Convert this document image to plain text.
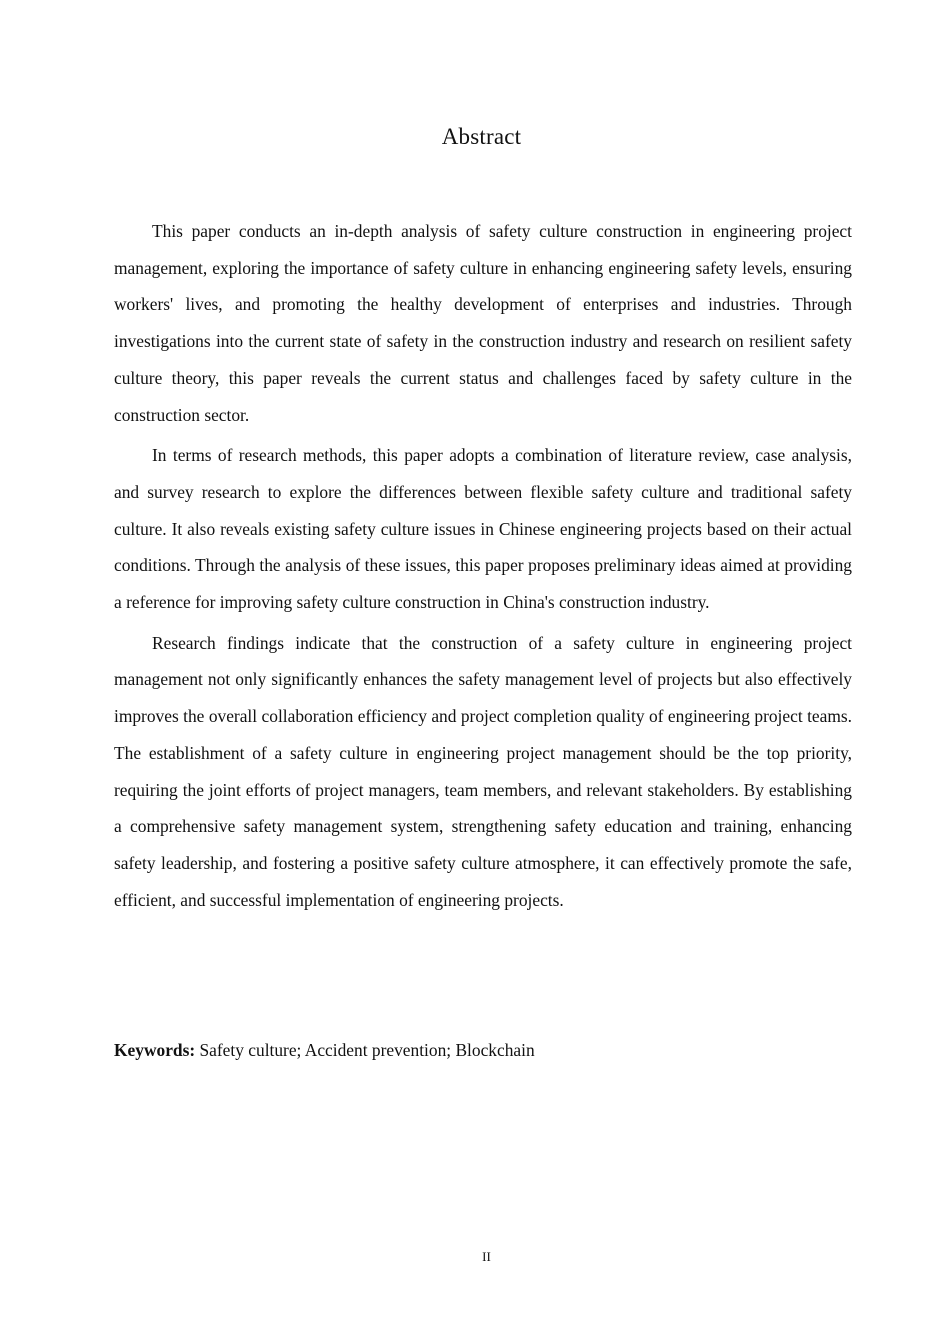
Abstract

This paper conducts an in-depth analysis of safety culture construction in engineering project management, exploring the importance of safety culture in enhancing engineering safety levels, ensuring workers' lives, and promoting the healthy development of enterprises and industries. Through investigations into the current state of safety in the construction industry and research on resilient safety culture theory, this paper reveals the current status and challenges faced by safety culture in the construction sector.

In terms of research methods, this paper adopts a combination of literature review, case analysis, and survey research to explore the differences between flexible safety culture and traditional safety culture. It also reveals existing safety culture issues in Chinese engineering projects based on their actual conditions. Through the analysis of these issues, this paper proposes preliminary ideas aimed at providing a reference for improving safety culture construction in China's construction industry.

Research findings indicate that the construction of a safety culture in engineering project management not only significantly enhances the safety management level of projects but also effectively improves the overall collaboration efficiency and project completion quality of engineering project teams. The establishment of a safety culture in engineering project management should be the top priority, requiring the joint efforts of project managers, team members, and relevant stakeholders. By establishing a comprehensive safety management system, strengthening safety education and training, enhancing safety leadership, and fostering a positive safety culture atmosphere, it can effectively promote the safe, efficient, and successful implementation of engineering projects.

Keywords: Safety culture; Accident prevention; Blockchain
II
